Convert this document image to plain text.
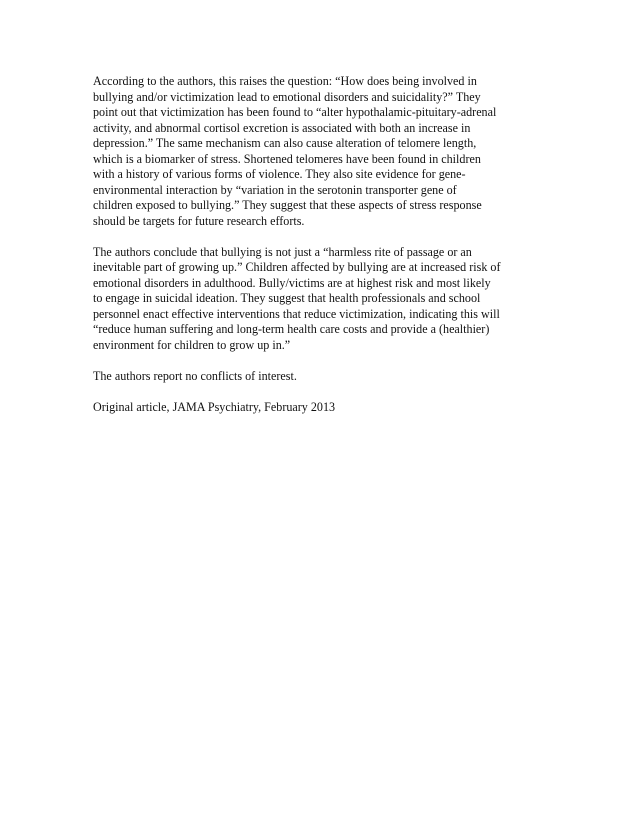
According to the authors, this raises the question: “How does being involved in
bullying and/or victimization lead to emotional disorders and suicidality?” They
point out that victimization has been found to “alter hypothalamic-pituitary-adrenal
activity, and abnormal cortisol excretion is associated with both an increase in
depression.” The same mechanism can also cause alteration of telomere length,
which is a biomarker of stress. Shortened telomeres have been found in children
with a history of various forms of violence. They also site evidence for gene-
environmental interaction by “variation in the serotonin transporter gene of
children exposed to bullying.” They suggest that these aspects of stress response
should be targets for future research efforts.

The authors conclude that bullying is not just a “harmless rite of passage or an
inevitable part of growing up.” Children affected by bullying are at increased risk of
emotional disorders in adulthood. Bully/victims are at highest risk and most likely
to engage in suicidal ideation. They suggest that health professionals and school
personnel enact effective interventions that reduce victimization, indicating this will
“reduce human suffering and long-term health care costs and provide a (healthier)
environment for children to grow up in.”

The authors report no conflicts of interest.

Original article, JAMA Psychiatry, February 2013
